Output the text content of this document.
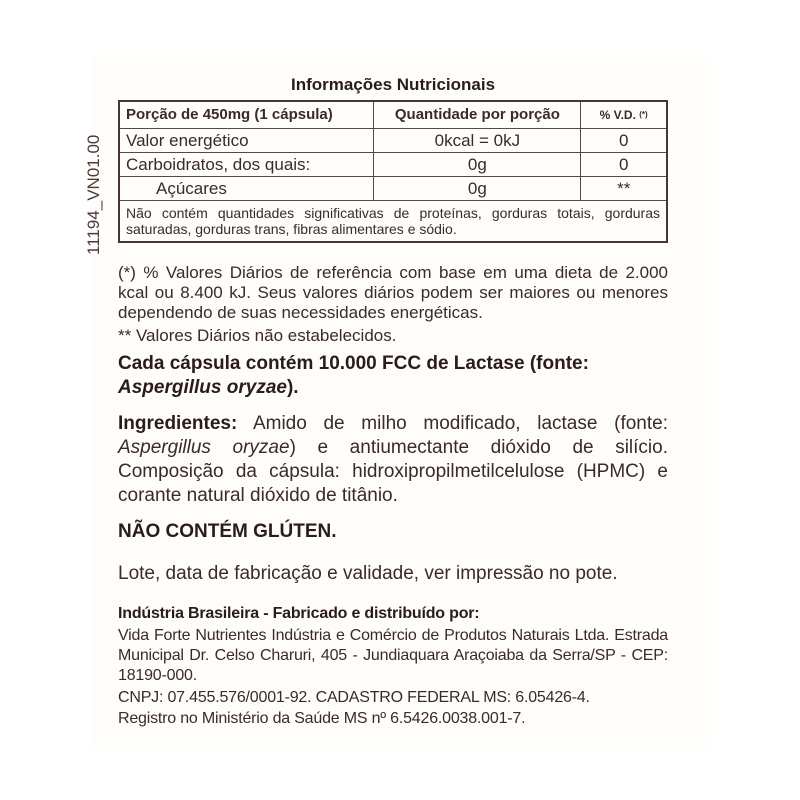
11194_VN01.00
Informações Nutricionais
Porção de 450mg (1 cápsula)	Quantidade por porção	% V.D. (*)
Valor energético	0kcal = 0kJ	0
Carboidratos, dos quais:	0g	0
Açúcares	0g	**
Não contém quantidades significativas de proteínas, gorduras totais, gorduras saturadas, gorduras trans, fibras alimentares e sódio.		
(*) % Valores Diários de referência com base em uma dieta de 2.000 kcal ou 8.400 kJ. Seus valores diários podem ser maiores ou menores dependendo de suas necessidades energéticas.
** Valores Diários não estabelecidos.
Cada cápsula contém 10.000 FCC de Lactase (fonte:
Aspergillus oryzae).
Ingredientes: Amido de milho modificado, lactase (fonte: Aspergillus oryzae) e antiumectante dióxido de silício. Composição da cápsula: hidroxipropilmetilcelulose (HPMC) e corante natural dióxido de titânio.
NÃO CONTÉM GLÚTEN.
Lote, data de fabricação e validade, ver impressão no pote.
Indústria Brasileira - Fabricado e distribuído por:
Vida Forte Nutrientes Indústria e Comércio de Produtos Naturais Ltda. Estrada Municipal Dr. Celso Charuri, 405 - Jundiaquara Araçoiaba da Serra/SP - CEP: 18190-000.
CNPJ: 07.455.576/0001-92. CADASTRO FEDERAL MS: 6.05426-4.
Registro no Ministério da Saúde MS nº 6.5426.0038.001-7.
